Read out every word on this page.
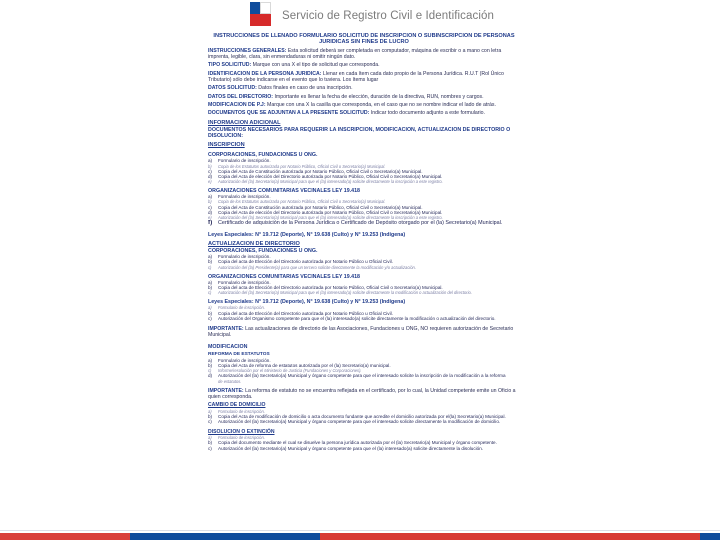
Servicio de Registro Civil e Identificación
INSTRUCCIONES DE LLENADO FORMULARIO SOLICITUD DE INSCRIPCION O SUBINSCRIPCION DE PERSONAS JURIDICAS SIN FINES DE LUCRO
INSTRUCCIONES GENERALES: Esta solicitud deberá ser completada en computador, máquina de escribir o a mano con letra imprenta, legible, clara, sin enmendaduras ni omitir ningún dato.
TIPO SOLICITUD: Marque con una X el tipo de solicitud que corresponda.
IDENTIFICACION DE LA PERSONA JURIDICA: Llenar en cada ítem cada dato propio de la Persona Jurídica. R.U.T (Rol Único Tributario) sólo debe indicarse en el evento que lo tuviera. Los ítems lugar
DATOS SOLICITUD: Datos finales en caso de una inscripción.
DATOS DEL DIRECTORIO: Importante es llenar la fecha de elección, duración de la directiva, RUN, nombres y cargos.
MODIFICACION DE P.J: Marque con una X la casilla que corresponda, en el caso que no se nombre indicar el lado de atrás.
DOCUMENTOS QUE SE ADJUNTAN A LA PRESENTE SOLICITUD: Indicar todo documento adjunto a este formulario.
INFORMACION ADICIONAL
DOCUMENTOS NECESARIOS PARA REQUERIR LA INSCRIPCION, MODIFICACION, ACTUALIZACION DE DIRECTORIO O DISOLUCION:
INSCRIPCION
CORPORACIONES, FUNDACIONES U ONG.
a) Formulario de inscripción.
b) Copia de los Estatutos autorizada por Notario Público, Oficial Civil o Secretario(a) Municipal.
c) Copia del Acta de Constitución autorizada por Notario Público, Oficial Civil o Secretario(a) Municipal.
d) Copia del Acta de elección del Directorio autorizada por Notario Público, Oficial Civil o Secretario(a) Municipal.
e) Autorización del (la) Secretario(a) Municipal para que el (la) interesado(a) solicite directamente la inscripción a este registro.
ORGANIZACIONES COMUNITARIAS VECINALES LEY 19.418
a) Formulario de inscripción.
b) Copia de los Estatutos autorizada por Notario Público, Oficial Civil o Secretario(a) Municipal.
c) Copia del Acta de Constitución autorizada por Notario Público, Oficial Civil o Secretario(a) Municipal.
d) Copia del Acta de elección del Directorio autorizada por Notario Público, Oficial Civil o Secretario(a) Municipal.
e) Autorización del (la) Secretario(a) Municipal para que el (la) interesado(a) solicite directamente la inscripción a este registro.
f) Certificado de adquisición de la Persona Jurídica o Certificado de Depósito otorgado por el (la) Secretario(a) Municipal.
Leyes Especiales: N° 19.712 (Deporte), N° 19.638 (Culto) y N° 19.253 (Indígena)
ACTUALIZACION DE DIRECTORIO
CORPORACIONES, FUNDACIONES U ONG.
a) Formulario de inscripción.
b) Copia del acta de Elección del Directorio autorizada por Notario Público u Oficial Civil.
c) Autorización del (la) Presidente(a) para que un tercero solicite directamente la modificación y/o actualización.
ORGANIZACIONES COMUNITARIAS VECINALES LEY 19.418
a) Formulario de inscripción.
b) Copia del acta de Elección del Directorio autorizada por Notario Público, Oficial Civil o Secretario(a) Municipal.
c) Autorización del (la) Secretario(a) Municipal para que el (la) interesado(a) solicite directamente la modificación o actualización del directorio.
Leyes Especiales: N° 19.712 (Deporte), N° 19.638 (Culto) y N° 19.253 (Indígena)
a) Formulario de inscripción.
b) Copia del acta de Elección del Directorio autorizada por Notario Público u Oficial Civil.
c) Autorización del Organismo competente para que el (la) interesado(a) solicite directamente la modificación o actualización del directorio.
IMPORTANTE: Las actualizaciones de directorio de las Asociaciones, Fundaciones u ONG, NO requieren autorización de Secretario Municipal.
MODIFICACION
REFORMA DE ESTATUTOS
a) Formulario de inscripción.
b) Copia del Acta de reforma de estatutos autorizada por el (la) Secretario(a) municipal.
c) Informe/resolución por el Ministerio de Justicia (Fundaciones y Corporaciones).
d) Autorización del (la) Secretario(a) Municipal y órgano competente para que el interesado solicite la inscripción de la modificación a la reforma
de estatutos.
IMPORTANTE: La reforma de estatuto no se encuentra reflejada en el certificado, por lo cual, la Unidad competente emite un Oficio a quien corresponda.
CAMBIO DE DOMICILIO
a) Formulario de inscripción.
b) Copia del Acta de modificación de domicilio o acta documento fundante que acredite el domicilio autorizada por el(la) Secretario(a) Municipal.
c) Autorización del (la) Secretario(a) Municipal y órgano competente para que el interesado solicite directamente la modificación de domicilio.
DISOLUCION O EXTINCIÓN
a) Formulario de inscripción.
b) Copia del documento mediante el cual se disuelve la persona jurídica autorizada por el (la) Secretario(a) Municipal y órgano competente.
c) Autorización del (la) Secretario(a) Municipal y órgano competente para que el (la) interesado(a) solicite directamente la disolución.
